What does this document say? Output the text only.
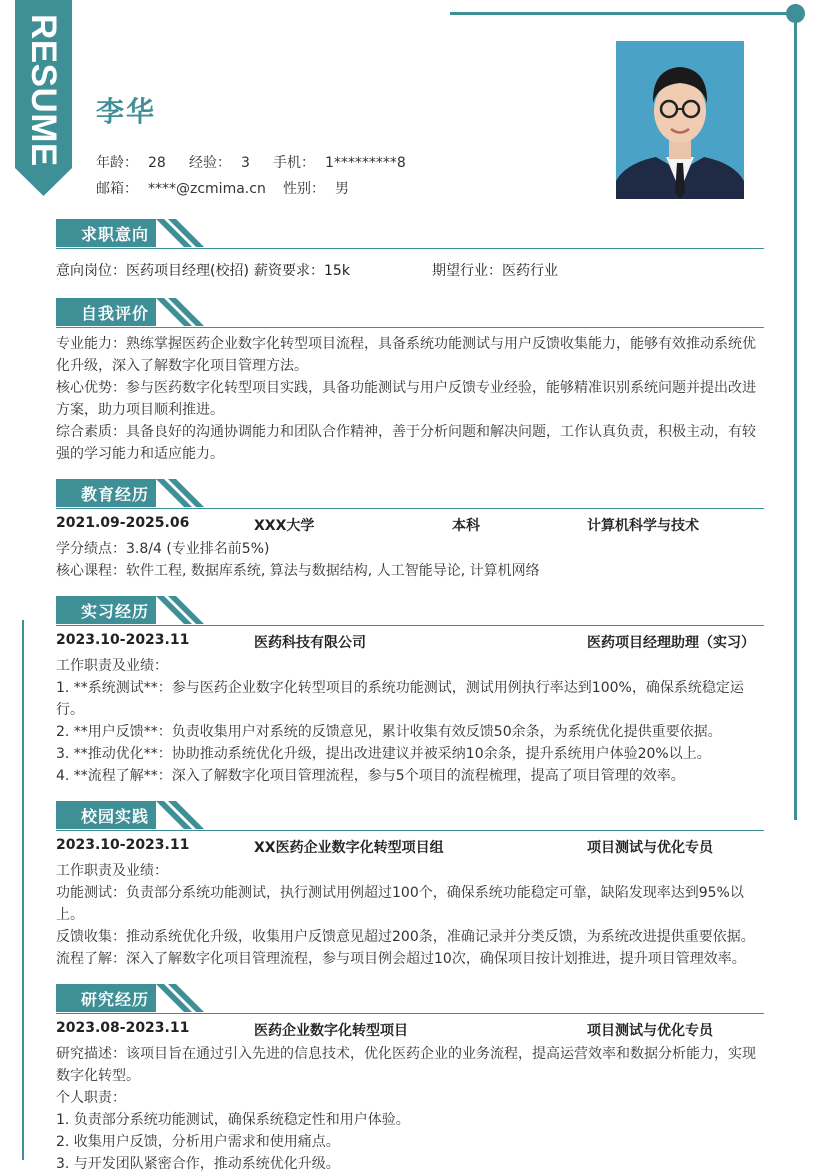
RESUME	李华
年龄： 28 经验： 3 手机： 1*********8
邮箱： ****@zcmima.cn 性别： 男
求职意向
意向岗位：医药项目经理(校招) 薪资要求：15k	期望行业：医药行业
自我评价

专业能力：熟练掌握医药企业数字化转型项目流程，具备系统功能测试与用户反馈收集能力，能够有效推动系统优化升级，深入了解数字化项目管理方法。

核心优势：参与医药数字化转型项目实践，具备功能测试与用户反馈专业经验，能够精准识别系统问题并提出改进方案，助力项目顺利推进。

综合素质：具备良好的沟通协调能力和团队合作精神，善于分析问题和解决问题，工作认真负责，积极主动，有较强的学习能力和适应能力。

教育经历
2021.09-2025.06	XXX大学	本科	计算机科学与技术

学分绩点：3.8/4 (专业排名前5%)

核心课程：软件工程, 数据库系统, 算法与数据结构, 人工智能导论, 计算机网络

实习经历
2023.10-2023.11	医药科技有限公司	医药项目经理助理（实习）

工作职责及业绩：

1. **系统测试**：参与医药企业数字化转型项目的系统功能测试，测试用例执行率达到100%，确保系统稳定运行。

2. **用户反馈**：负责收集用户对系统的反馈意见，累计收集有效反馈50余条，为系统优化提供重要依据。

3. **推动优化**：协助推动系统优化升级，提出改进建议并被采纳10余条，提升系统用户体验20%以上。

4. **流程了解**：深入了解数字化项目管理流程，参与5个项目的流程梳理，提高了项目管理的效率。

校园实践
2023.10-2023.11	XX医药企业数字化转型项目组	项目测试与优化专员

工作职责及业绩：

功能测试：负责部分系统功能测试，执行测试用例超过100个，确保系统功能稳定可靠，缺陷发现率达到95%以上。

反馈收集：推动系统优化升级，收集用户反馈意见超过200条，准确记录并分类反馈，为系统改进提供重要依据。

流程了解：深入了解数字化项目管理流程，参与项目例会超过10次，确保项目按计划推进，提升项目管理效率。

研究经历
2023.08-2023.11	医药企业数字化转型项目	项目测试与优化专员

研究描述：该项目旨在通过引入先进的信息技术，优化医药企业的业务流程，提高运营效率和数据分析能力，实现数字化转型。

个人职责：

1. 负责部分系统功能测试，确保系统稳定性和用户体验。

2. 收集用户反馈，分析用户需求和使用痛点。

3. 与开发团队紧密合作，推动系统优化升级。
